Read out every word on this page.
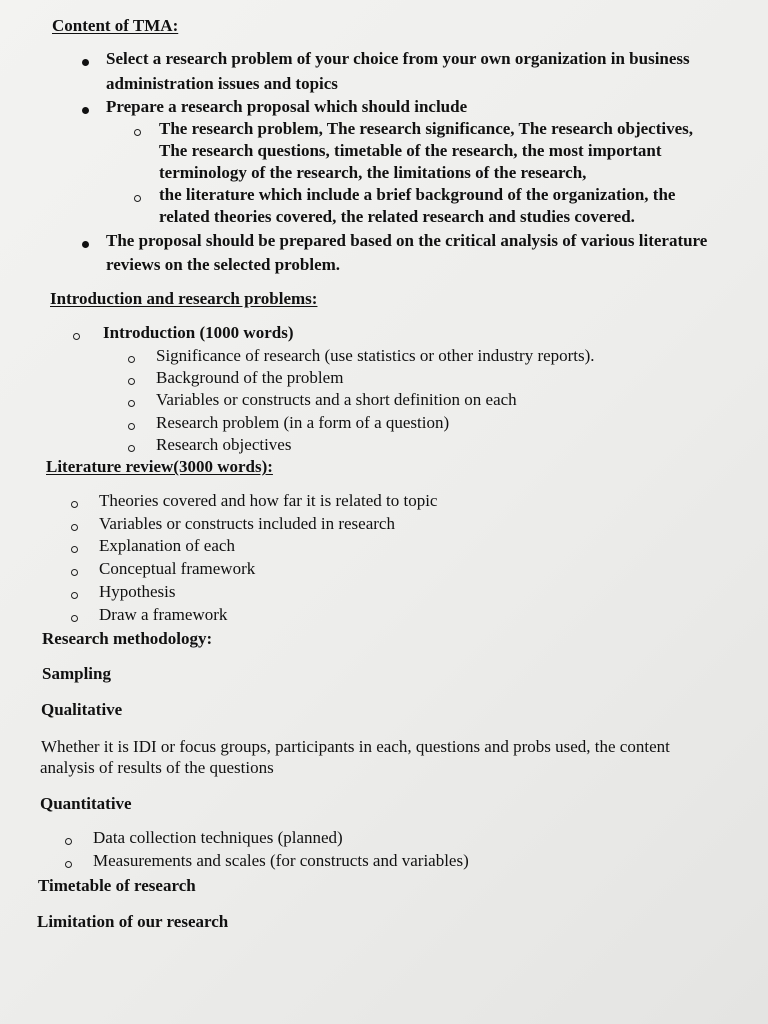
Content of TMA:
Select a research problem of your choice from your own organization in business
administration issues and topics
Prepare a research proposal which should include
The research problem, The research significance, The research objectives,
The research questions, timetable of the research, the most important
terminology of the research, the limitations of the research,
the literature which include a brief background of the organization, the
related theories covered, the related research and studies covered.
The proposal should be prepared based on the critical analysis of various literature
reviews on the selected problem.
Introduction and research problems:
Introduction (1000 words)
Significance of research (use statistics or other industry reports).
Background of the problem
Variables or constructs and a short definition on each
Research problem (in a form of a question)
Research objectives
Literature review(3000 words):
Theories covered and how far it is related to topic
Variables or constructs included in research
Explanation of each
Conceptual framework
Hypothesis
Draw a framework
Research methodology:
Sampling
Qualitative
Whether it is IDI or focus groups, participants in each, questions and probs used, the content
analysis of results of the questions
Quantitative
Data collection techniques (planned)
Measurements and scales (for constructs and variables)
Timetable of research
Limitation of our research
